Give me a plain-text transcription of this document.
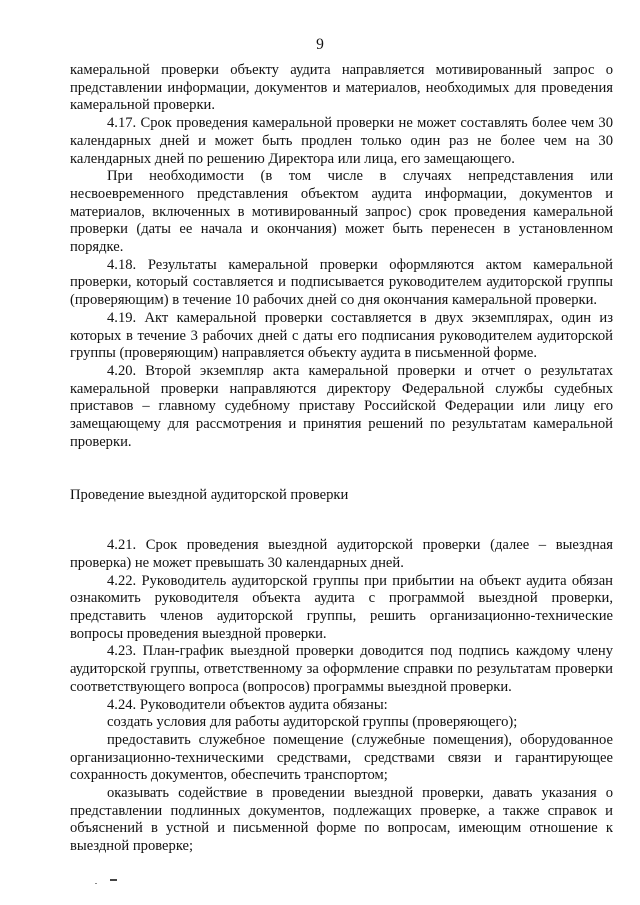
9

камеральной проверки объекту аудита направляется мотивированный запрос о представлении информации, документов и материалов, необходимых для проведения камеральной проверки.

4.17. Срок проведения камеральной проверки не может составлять более чем 30 календарных дней и может быть продлен только один раз не более чем на 30 календарных дней по решению Директора или лица, его замещающего.

При необходимости (в том числе в случаях непредставления или несвоевременного представления объектом аудита информации, документов и материалов, включенных в мотивированный запрос) срок проведения камеральной проверки (даты ее начала и окончания) может быть перенесен в установленном порядке.

4.18. Результаты камеральной проверки оформляются актом камеральной проверки, который составляется и подписывается руководителем аудиторской группы (проверяющим) в течение 10 рабочих дней со дня окончания камеральной проверки.

4.19. Акт камеральной проверки составляется в двух экземплярах, один из которых в течение 3 рабочих дней с даты его подписания руководителем аудиторской группы (проверяющим) направляется объекту аудита в письменной форме.

4.20. Второй экземпляр акта камеральной проверки и отчет о результатах камеральной проверки направляются директору Федеральной службы судебных приставов – главному судебному приставу Российской Федерации или лицу его замещающему для рассмотрения и принятия решений по результатам камеральной проверки.

Проведение выездной аудиторской проверки

4.21. Срок проведения выездной аудиторской проверки (далее – выездная проверка) не может превышать 30 календарных дней.

4.22. Руководитель аудиторской группы при прибытии на объект аудита обязан ознакомить руководителя объекта аудита с программой выездной проверки, представить членов аудиторской группы, решить организационно-технические вопросы проведения выездной проверки.

4.23. План-график выездной проверки доводится под подпись каждому члену аудиторской группы, ответственному за оформление справки по результатам проверки соответствующего вопроса (вопросов) программы выездной проверки.

4.24. Руководители объектов аудита обязаны:

создать условия для работы аудиторской группы (проверяющего);

предоставить служебное помещение (служебные помещения), оборудованное организационно-техническими средствами, средствами связи и гарантирующее сохранность документов, обеспечить транспортом;

оказывать содействие в проведении выездной проверки, давать указания о представлении подлинных документов, подлежащих проверке, а также справок и объяснений в устной и письменной форме по вопросам, имеющим отношение к выездной проверке;
